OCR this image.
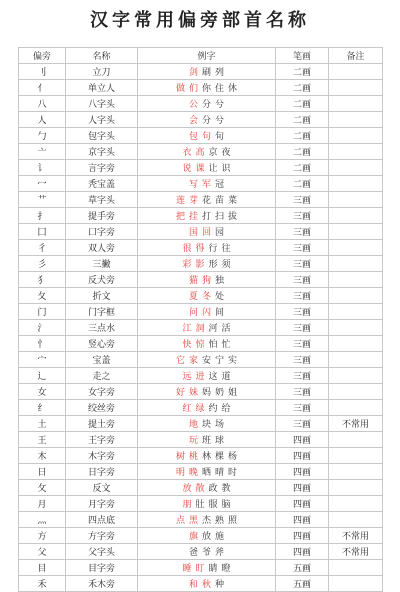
汉字常用偏旁部首名称
偏旁	名称	例字	笔画	备注
刂	立刀	剑 刷 列	二画	
亻	单立人	做 们 你 住 休	二画	
八	八字头	公 分 兮	二画	
人	人字头	会 分 兮	二画	
勹	包字头	包 句 旬	二画	
亠	京字头	衣 高 京 夜	二画	
讠	言字旁	说 课 让 识	二画	
冖	秃宝盖	写 军 冠	二画	
艹	草字头	莲 芽 花 苗 菜	三画	
扌	提手旁	把 挂 打 扫 拔	三画	
囗	口字旁	国 回 园	三画	
彳	双人旁	很 得 行 往	三画	
彡	三撇	彩 影 形 须	三画	
犭	反犬旁	猫 狗 独	三画	
夂	折文	夏 冬 处	三画	
门	门字框	问 闪 间	三画	
氵	三点水	江 洞 河 活	三画	
忄	竖心旁	快 惊 怕 忙	三画	
宀	宝盖	它 家 安 宁 实	三画	
辶	走之	远 进 这 道	三画	
女	女字旁	好 妹 妈 奶 姐	三画	
纟	绞丝旁	红 绿 约 给	三画	
土	提土旁	地 块 场	三画	不常用
王	王字旁	玩 班 球	四画	
木	木字旁	树 桃 林 棵 杨	四画	
日	日字旁	明 晚 晒 晴 时	四画	
攵	反文	放 散 政 教	四画	
月	月字旁	朋 肚 服 脑	四画	
灬	四点底	点 黑 杰 熟 照	四画	
方	方字旁	旗 放 施	四画	不常用
父	父字头	爸 爷 斧	四画	不常用
目	目字旁	睡 盯 睛 瞪	五画	
禾	禾木旁	和 秋 种	五画	
